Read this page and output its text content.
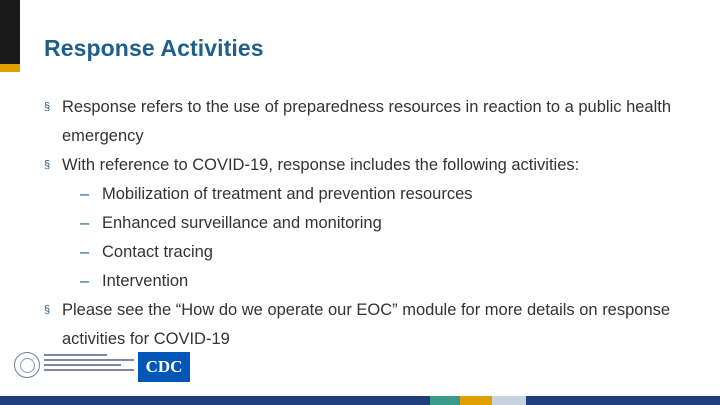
Response Activities
§ Response refers to the use of preparedness resources in reaction to a public health emergency
§ With reference to COVID-19, response includes the following activities:
– Mobilization of treatment and prevention resources
– Enhanced surveillance and monitoring
– Contact tracing
– Intervention
§ Please see the “How do we operate our EOC” module for more details on response activities for COVID-19
CDC
